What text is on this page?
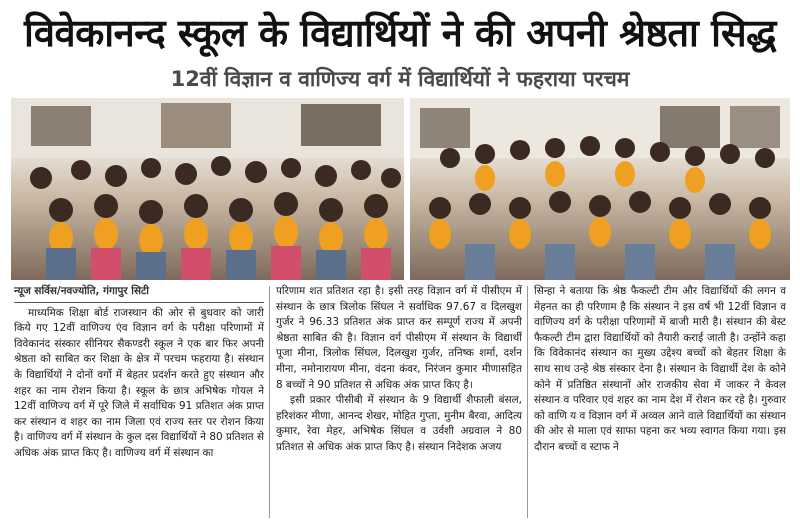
विवेकानन्द स्कूल के विद्यार्थियों ने की अपनी श्रेष्ठता सिद्ध
12वीं विज्ञान व वाणिज्य वर्ग में विद्यार्थियों ने फहराया परचम
न्यूज सर्विस/नवज्योति, गंगापुर सिटी
माध्यमिक शिक्षा बोर्ड राजस्थान की ओर से बुधवार को जारी किये गए 12वीं वाणिज्य एंव विज्ञान वर्ग के परीक्षा परिणामों में विवेकानंद संस्कार सीनियर सैकण्डरी स्कूल ने एक बार फिर अपनी श्रेष्ठता को साबित कर शिक्षा के क्षेत्र में परचम फहराया है। संस्थान के विद्यार्थियों ने दोनों वर्गो में बेहतर प्रदर्शन करते हुए संस्थान और शहर का नाम रोशन किया है। स्कूल के छात्र अभिषेक गोयल ने 12वीं वाणिज्य वर्ग में पूरे जिले में सर्वाधिक 91 प्रतिशत अंक प्राप्त कर संस्थान व शहर का नाम जिला एवं राज्य स्तर पर रोशन किया है। वाणिज्य वर्ग में संस्थान के कुल दस विद्यार्थियों ने 80 प्रतिशत से अधिक अंक प्राप्त किए है। वाणिज्य वर्ग में संस्थान का
परिणाम शत प्रतिशत रहा है। इसी तरह विज्ञान वर्ग में पीसीएम में संस्थान के छात्र त्रिलोक सिंघल ने सर्वाधिक 97.67 व दिलखुश गुर्जर ने 96.33 प्रतिशत अंक प्राप्त कर सम्पूर्ण राज्य में अपनी श्रेष्ठता साबित की है। विज्ञान वर्ग पीसीएम में संस्थान के विद्यार्थी पूजा मीना, त्रिलोक सिंघल, दिलखुश गुर्जर, तनिष्क शर्मा, दर्शन मीना, नमोनारायण मीना, वंदना कंवर, निरंजन कुमार मीणासहित 8 बच्चों ने 90 प्रतिशत से अधिक अंक प्राप्त किए है।
इसी प्रकार पीसीबी में संस्थान के 9 विद्यार्थी शैफाली बंसल, हरिशंकर मीणा, आनन्द शेखर, मोहित गुप्ता, मुनीम बैरवा, आदित्य कुमार, रेवा मेहर, अभिषेक सिंघल व उर्वशी अग्रवाल ने 80 प्रतिशत से अधिक अंक प्राप्त किए है। संस्थान निदेशक अजय
सिन्हा ने बताया कि श्रेष्ठ फैकल्टी टीम और विद्यार्थियों की लगन व मेहनत का ही परिणाम है कि संस्थान ने इस वर्ष भी 12वीं विज्ञान व वाणिज्य वर्ग के परीक्षा परिणामों में बाजी मारी है। संस्थान की बेस्ट फैकल्टी टीम द्वारा विद्यार्थियों को तैयारी कराई जाती है। उन्होंने कहा कि विवेकानंद संस्थान का मुख्य उद्देश्य बच्चों को बेहतर शिक्षा के साथ साथ उन्हे श्रेष्ठ संस्कार देना है। संस्थान के विद्यार्थी देश के कोने कोने में प्रतिष्ठित संस्थानों ओर राजकीय सेवा में जाकर ने केवल संस्थान व परिवार एवं शहर का नाम देश में रोशन कर रहे है। गुरुवार को वाणि य व विज्ञान वर्ग में अव्वल आने वाले विद्यार्थियों का संस्थान की ओर से माला एवं साफा पहना कर भव्य स्वागत किया गया। इस दौरान बच्चों व स्टाफ ने
